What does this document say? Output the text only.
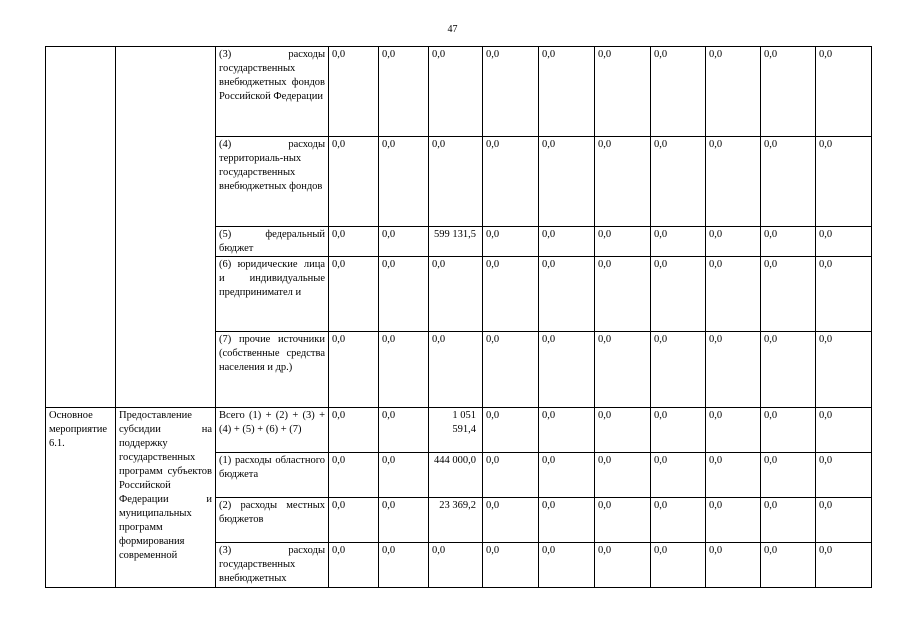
47
		(3) расходы государственных внебюджетных фондов Российской Федерации	0,0	0,0	0,0	0,0	0,0	0,0	0,0	0,0	0,0	0,0
		(4) расходы территориаль-ных государственных внебюджетных фондов	0,0	0,0	0,0	0,0	0,0	0,0	0,0	0,0	0,0	0,0
		(5) федеральный бюджет	0,0	0,0	599 131,5	0,0	0,0	0,0	0,0	0,0	0,0	0,0
		(6) юридические лица и индивидуальные предпринимател и	0,0	0,0	0,0	0,0	0,0	0,0	0,0	0,0	0,0	0,0
		(7) прочие источники (собственные средства населения и др.)	0,0	0,0	0,0	0,0	0,0	0,0	0,0	0,0	0,0	0,0
Основное мероприятие 6.1.	Предоставление субсидии на поддержку государственных программ субъектов Российской Федерации и муниципальных программ формирования современной	Всего (1) + (2) + (3) + (4) + (5) + (6) + (7)	0,0	0,0	1 051 591,4	0,0	0,0	0,0	0,0	0,0	0,0	0,0
		(1) расходы областного бюджета	0,0	0,0	444 000,0	0,0	0,0	0,0	0,0	0,0	0,0	0,0
		(2) расходы местных бюджетов	0,0	0,0	23 369,2	0,0	0,0	0,0	0,0	0,0	0,0	0,0
		(3) расходы государственных внебюджетных	0,0	0,0	0,0	0,0	0,0	0,0	0,0	0,0	0,0	0,0
